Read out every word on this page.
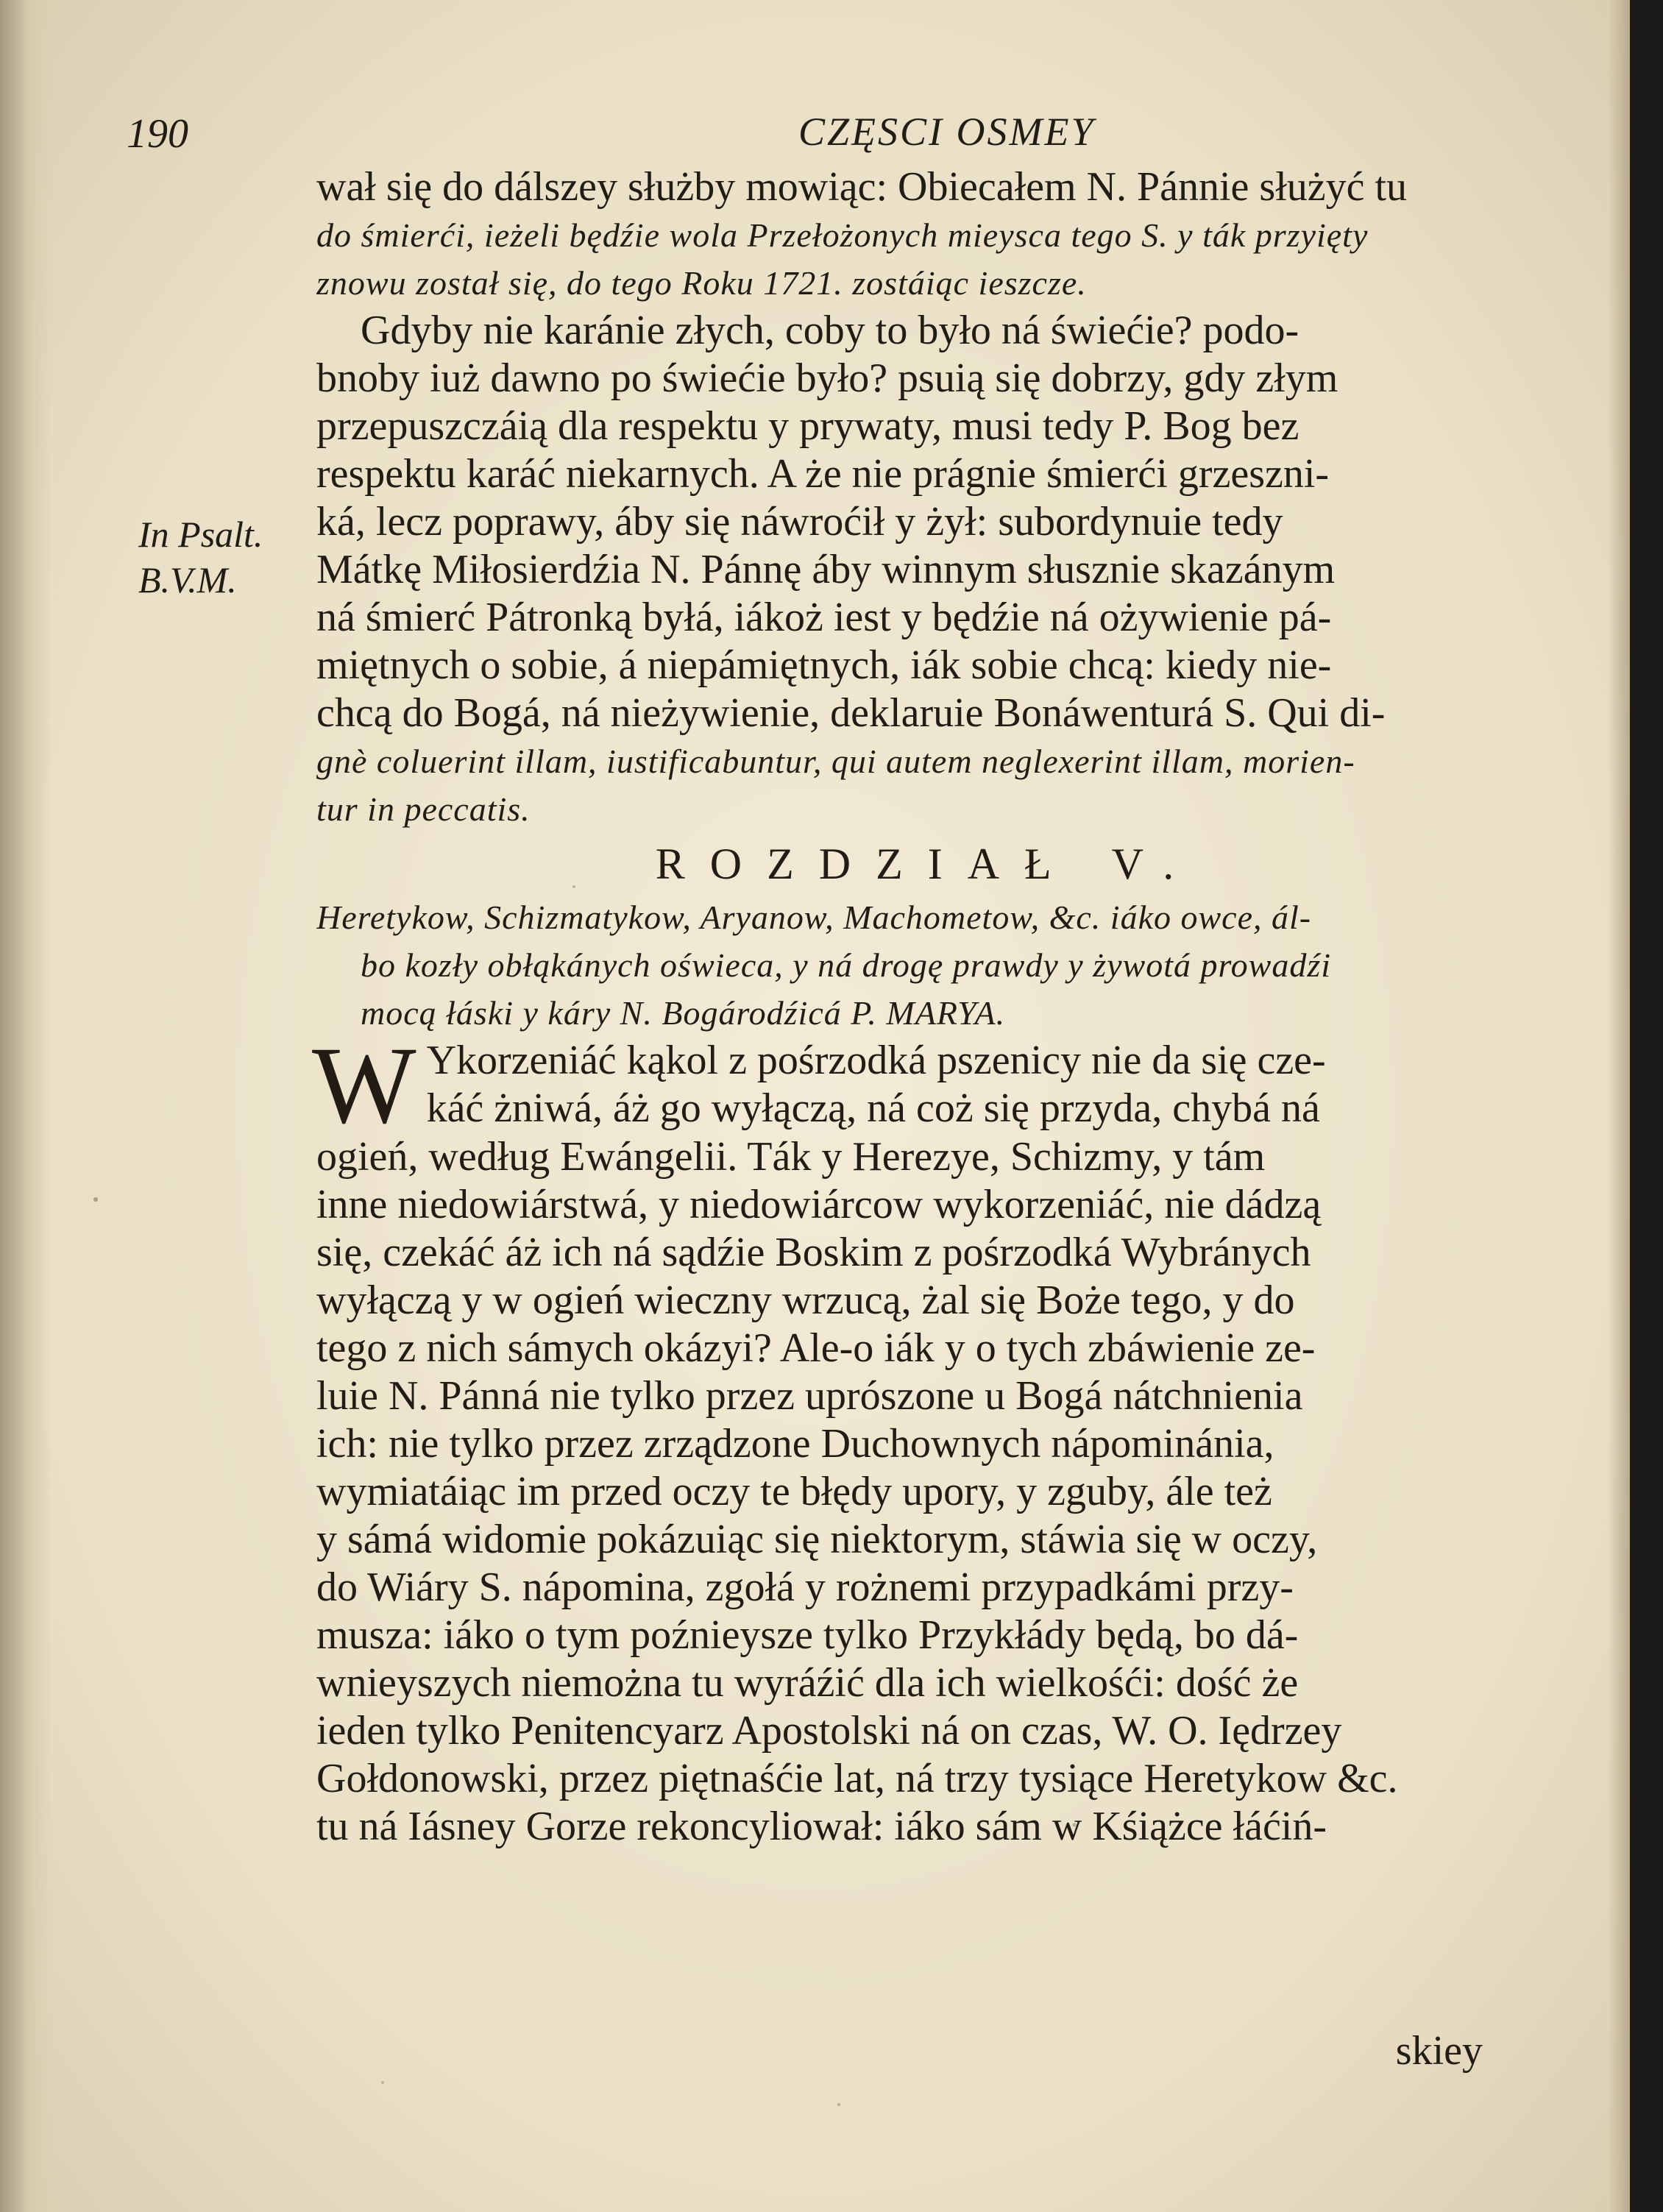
190	CZĘSCI OSMEY
In Psalt.
B.V.M.
wał się do dálszey służby mowiąc: Obiecałem N. Pánnie służyć tu
do śmierći, ieżeli będźie wola Przełożonych mieysca tego S. y ták przyięty
znowu został się, do tego Roku 1721. zostáiąc ieszcze.
Gdyby nie karánie złych, coby to było ná świećie? podo-
bnoby iuż dawno po świećie było? psuią się dobrzy, gdy złym
przepuszczáią dla respektu y prywaty, musi tedy P. Bog bez
respektu karáć niekarnych. A że nie prágnie śmierći grzeszni-
ká, lecz poprawy, áby się náwroćił y żył: subordynuie tedy
Mátkę Miłosierdźia N. Pánnę áby winnym słusznie skazánym
ná śmierć Pátronką byłá, iákoż iest y będźie ná ożywienie pá-
miętnych o sobie, á niepámiętnych, iák sobie chcą: kiedy nie-
chcą do Bogá, ná nieżywienie, deklaruie Bonáwenturá S. Qui di-
gnè coluerint illam, iustificabuntur, qui autem neglexerint illam, morien-
tur in peccatis.
ROZDZIAŁ V.
Heretykow, Schizmatykow, Aryanow, Machometow, &c. iáko owce, ál-
bo kozły obłąkánych oświeca, y ná drogę prawdy y żywotá prowadźi
mocą łáski y káry N. Bogárodźicá P. MARYA.
W Ykorzeniáć kąkol z pośrzodká pszenicy nie da się cze-
káć żniwá, áż go wyłączą, ná coż się przyda, chybá ná
ogień, według Ewángelii. Ták y Herezye, Schizmy, y tám
inne niedowiárstwá, y niedowiárcow wykorzeniáć, nie dádzą
się, czekáć áż ich ná sądźie Boskim z pośrzodká Wybránych
wyłączą y w ogień wieczny wrzucą, żal się Boże tego, y do
tego z nich sámych okázyi? Ale-o iák y o tych zbáwienie ze-
luie N. Pánná nie tylko przez uprószone u Bogá nátchnienia
ich: nie tylko przez zrządzone Duchownych nápominánia,
wymiatáiąc im przed oczy te błędy upory, y zguby, ále też
y sámá widomie pokázuiąc się niektorym, stáwia się w oczy,
do Wiáry S. nápomina, zgołá y rożnemi przypadkámi przy-
musza: iáko o tym poźnieysze tylko Przykłády będą, bo dá-
wnieyszych niemożna tu wyráźić dla ich wielkośći: dość że
ieden tylko Penitencyarz Apostolski ná on czas, W. O. Iędrzey
Gołdonowski, przez piętnaśćie lat, ná trzy tysiące Heretykow &c.
tu ná Iásney Gorze rekoncyliował: iáko sám w Kśiążce łáćiń-
skiey
